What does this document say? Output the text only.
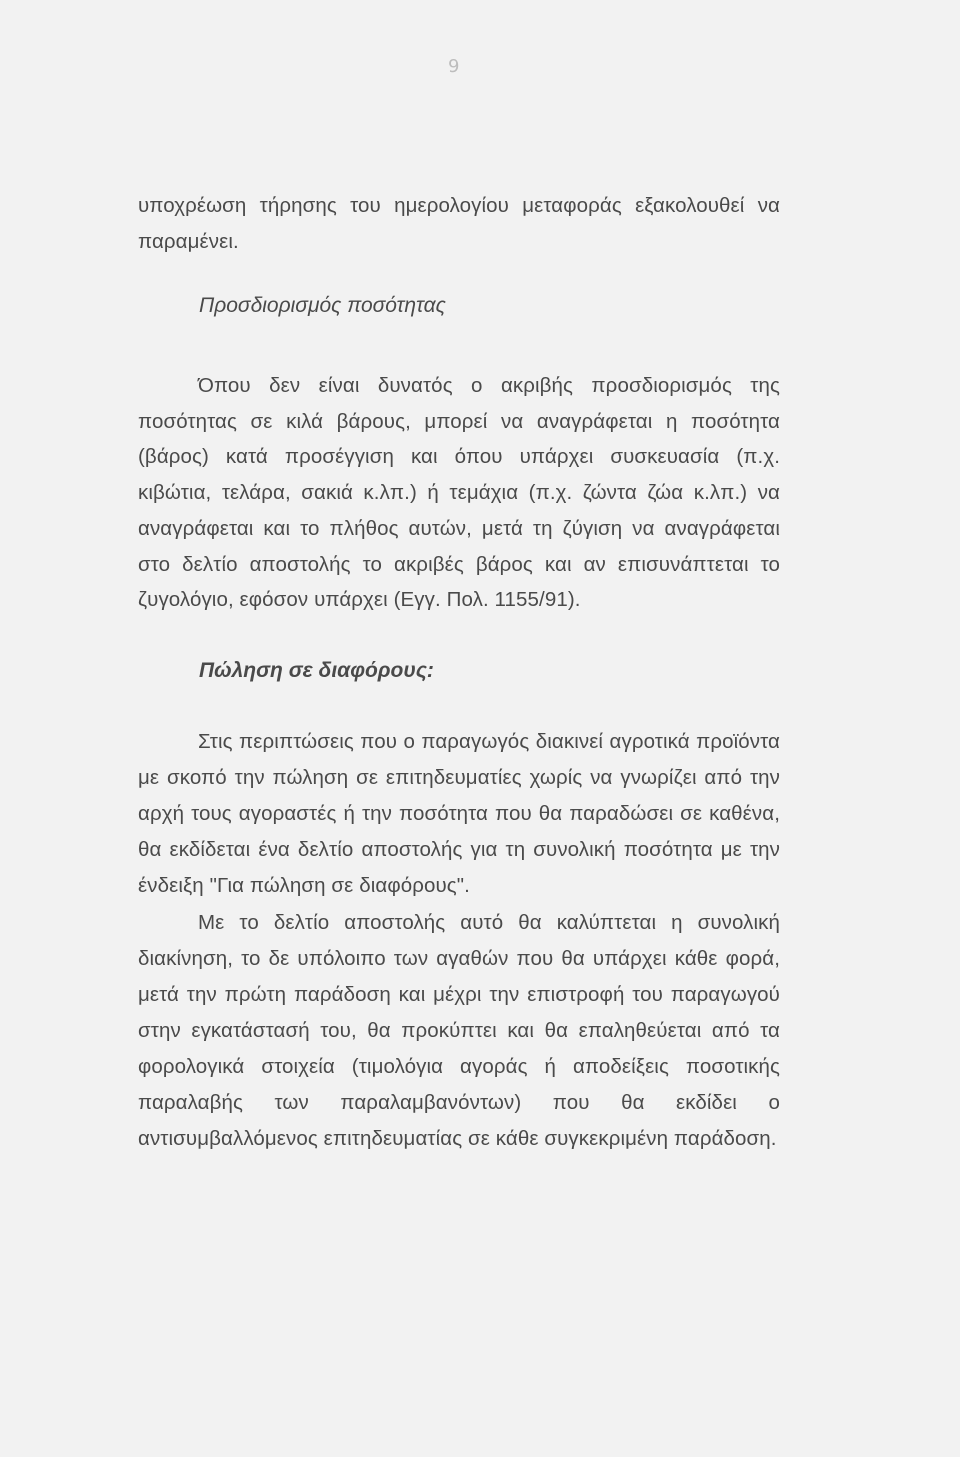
9

υποχρέωση τήρησης του ημερολογίου μεταφοράς εξακολουθεί να παραμένει.

Προσδιορισμός ποσότητας

Όπου δεν είναι δυνατός ο ακριβής προσδιορισμός της ποσότητας σε κιλά βάρους, μπορεί να αναγράφεται η ποσότητα (βάρος) κατά προσέγγιση και όπου υπάρχει συσκευασία (π.χ. κιβώτια, τελάρα, σακιά κ.λπ.) ή τεμάχια (π.χ. ζώντα ζώα κ.λπ.) να αναγράφεται και το πλήθος αυτών, μετά τη ζύγιση να αναγράφεται στο δελτίο αποστολής το ακριβές βάρος και αν επισυνάπτεται το ζυγολόγιο, εφόσον υπάρχει (Εγγ. Πολ. 1155/91).

Πώληση σε διαφόρους:

Στις περιπτώσεις που ο παραγωγός διακινεί αγροτικά προϊόντα με σκοπό την πώληση σε επιτηδευματίες χωρίς να γνωρίζει από την αρχή τους αγοραστές ή την ποσότητα που θα παραδώσει σε καθένα, θα εκδίδεται ένα δελτίο αποστολής για τη συνολική ποσότητα με την ένδειξη "Για πώληση σε διαφόρους".

Με το δελτίο αποστολής αυτό θα καλύπτεται η συνολική διακίνηση, το δε υπόλοιπο των αγαθών που θα υπάρχει κάθε φορά, μετά την πρώτη παράδοση και μέχρι την επιστροφή του παραγωγού στην εγκατάστασή του, θα προκύπτει και θα επαληθεύεται από τα φορολογικά στοιχεία (τιμολόγια αγοράς ή αποδείξεις ποσοτικής παραλαβής των παραλαμβανόντων) που θα εκδίδει ο αντισυμβαλλόμενος επιτηδευματίας σε κάθε συγκεκριμένη παράδοση.
